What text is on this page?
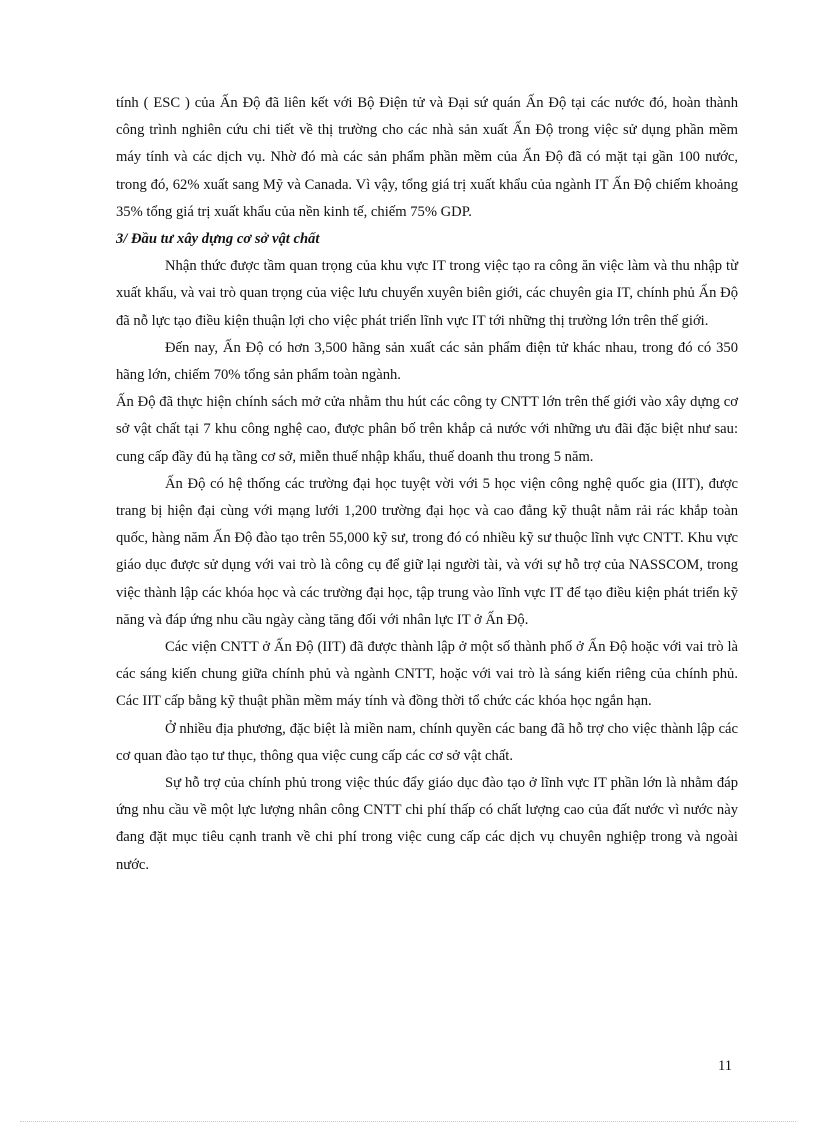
tính ( ESC ) của Ấn Độ đã liên kết với Bộ Điện tử và Đại sứ quán Ấn Độ tại các nước đó, hoàn thành công trình nghiên cứu chi tiết về thị trường cho các nhà sản xuất Ấn Độ trong việc sử dụng phần mềm máy tính và các dịch vụ. Nhờ đó mà các sản phẩm phần mềm của Ấn Độ đã có mặt tại gần 100 nước, trong đó, 62% xuất sang Mỹ và Canada. Vì vậy, tổng giá trị xuất khẩu của ngành IT Ấn Độ chiếm khoảng 35% tổng giá trị xuất khẩu của nền kinh tế, chiếm 75% GDP.

3/ Đầu tư xây dựng cơ sở vật chất

Nhận thức được tầm quan trọng của khu vực IT trong việc tạo ra công ăn việc làm và thu nhập từ xuất khẩu, và vai trò quan trọng của việc lưu chuyển xuyên biên giới, các chuyên gia IT, chính phủ Ấn Độ đã nỗ lực tạo điều kiện thuận lợi cho việc phát triển lĩnh vực IT tới những thị trường lớn trên thế giới.

Đến nay, Ấn Độ có hơn 3,500 hãng sản xuất các sản phẩm điện tử khác nhau, trong đó có 350 hãng lớn, chiếm 70% tổng sản phẩm toàn ngành.

Ấn Độ đã thực hiện chính sách mở cửa nhằm thu hút các công ty CNTT lớn trên thế giới vào xây dựng cơ sở vật chất tại 7 khu công nghệ cao, được phân bố trên khắp cả nước với những ưu đãi đặc biệt như sau: cung cấp đầy đủ hạ tầng cơ sở, miễn thuế nhập khẩu, thuế doanh thu trong 5 năm.

Ấn Độ có hệ thống các trường đại học tuyệt vời với 5 học viện công nghệ quốc gia (IIT), được trang bị hiện đại cùng với mạng lưới 1,200 trường đại học và cao đẳng kỹ thuật nằm rải rác khắp toàn quốc, hàng năm Ấn Độ đào tạo trên 55,000 kỹ sư, trong đó có nhiều kỹ sư thuộc lĩnh vực CNTT. Khu vực giáo dục được sử dụng với vai trò là công cụ để giữ lại người tài, và với sự hỗ trợ của NASSCOM, trong việc thành lập các khóa học và các trường đại học, tập trung vào lĩnh vực IT để tạo điều kiện phát triển kỹ năng và đáp ứng nhu cầu ngày càng tăng đối với nhân lực IT ở Ấn Độ.

Các viện CNTT ở Ấn Độ (IIT) đã được thành lập ở một số thành phố ở Ấn Độ hoặc với vai trò là các sáng kiến chung giữa chính phủ và ngành CNTT, hoặc với vai trò là sáng kiến riêng của chính phủ. Các IIT cấp bằng kỹ thuật phần mềm máy tính và đồng thời tổ chức các khóa học ngắn hạn.

Ở nhiều địa phương, đặc biệt là miền nam, chính quyền các bang đã hỗ trợ cho việc thành lập các cơ quan đào tạo tư thục, thông qua việc cung cấp các cơ sở vật chất.

Sự hỗ trợ của chính phủ trong việc thúc đẩy giáo dục đào tạo ở lĩnh vực IT phần lớn là nhằm đáp ứng nhu cầu về một lực lượng nhân công CNTT chi phí thấp có chất lượng cao của đất nước vì nước này đang đặt mục tiêu cạnh tranh về chi phí trong việc cung cấp các dịch vụ chuyên nghiệp trong và ngoài nước.

11
